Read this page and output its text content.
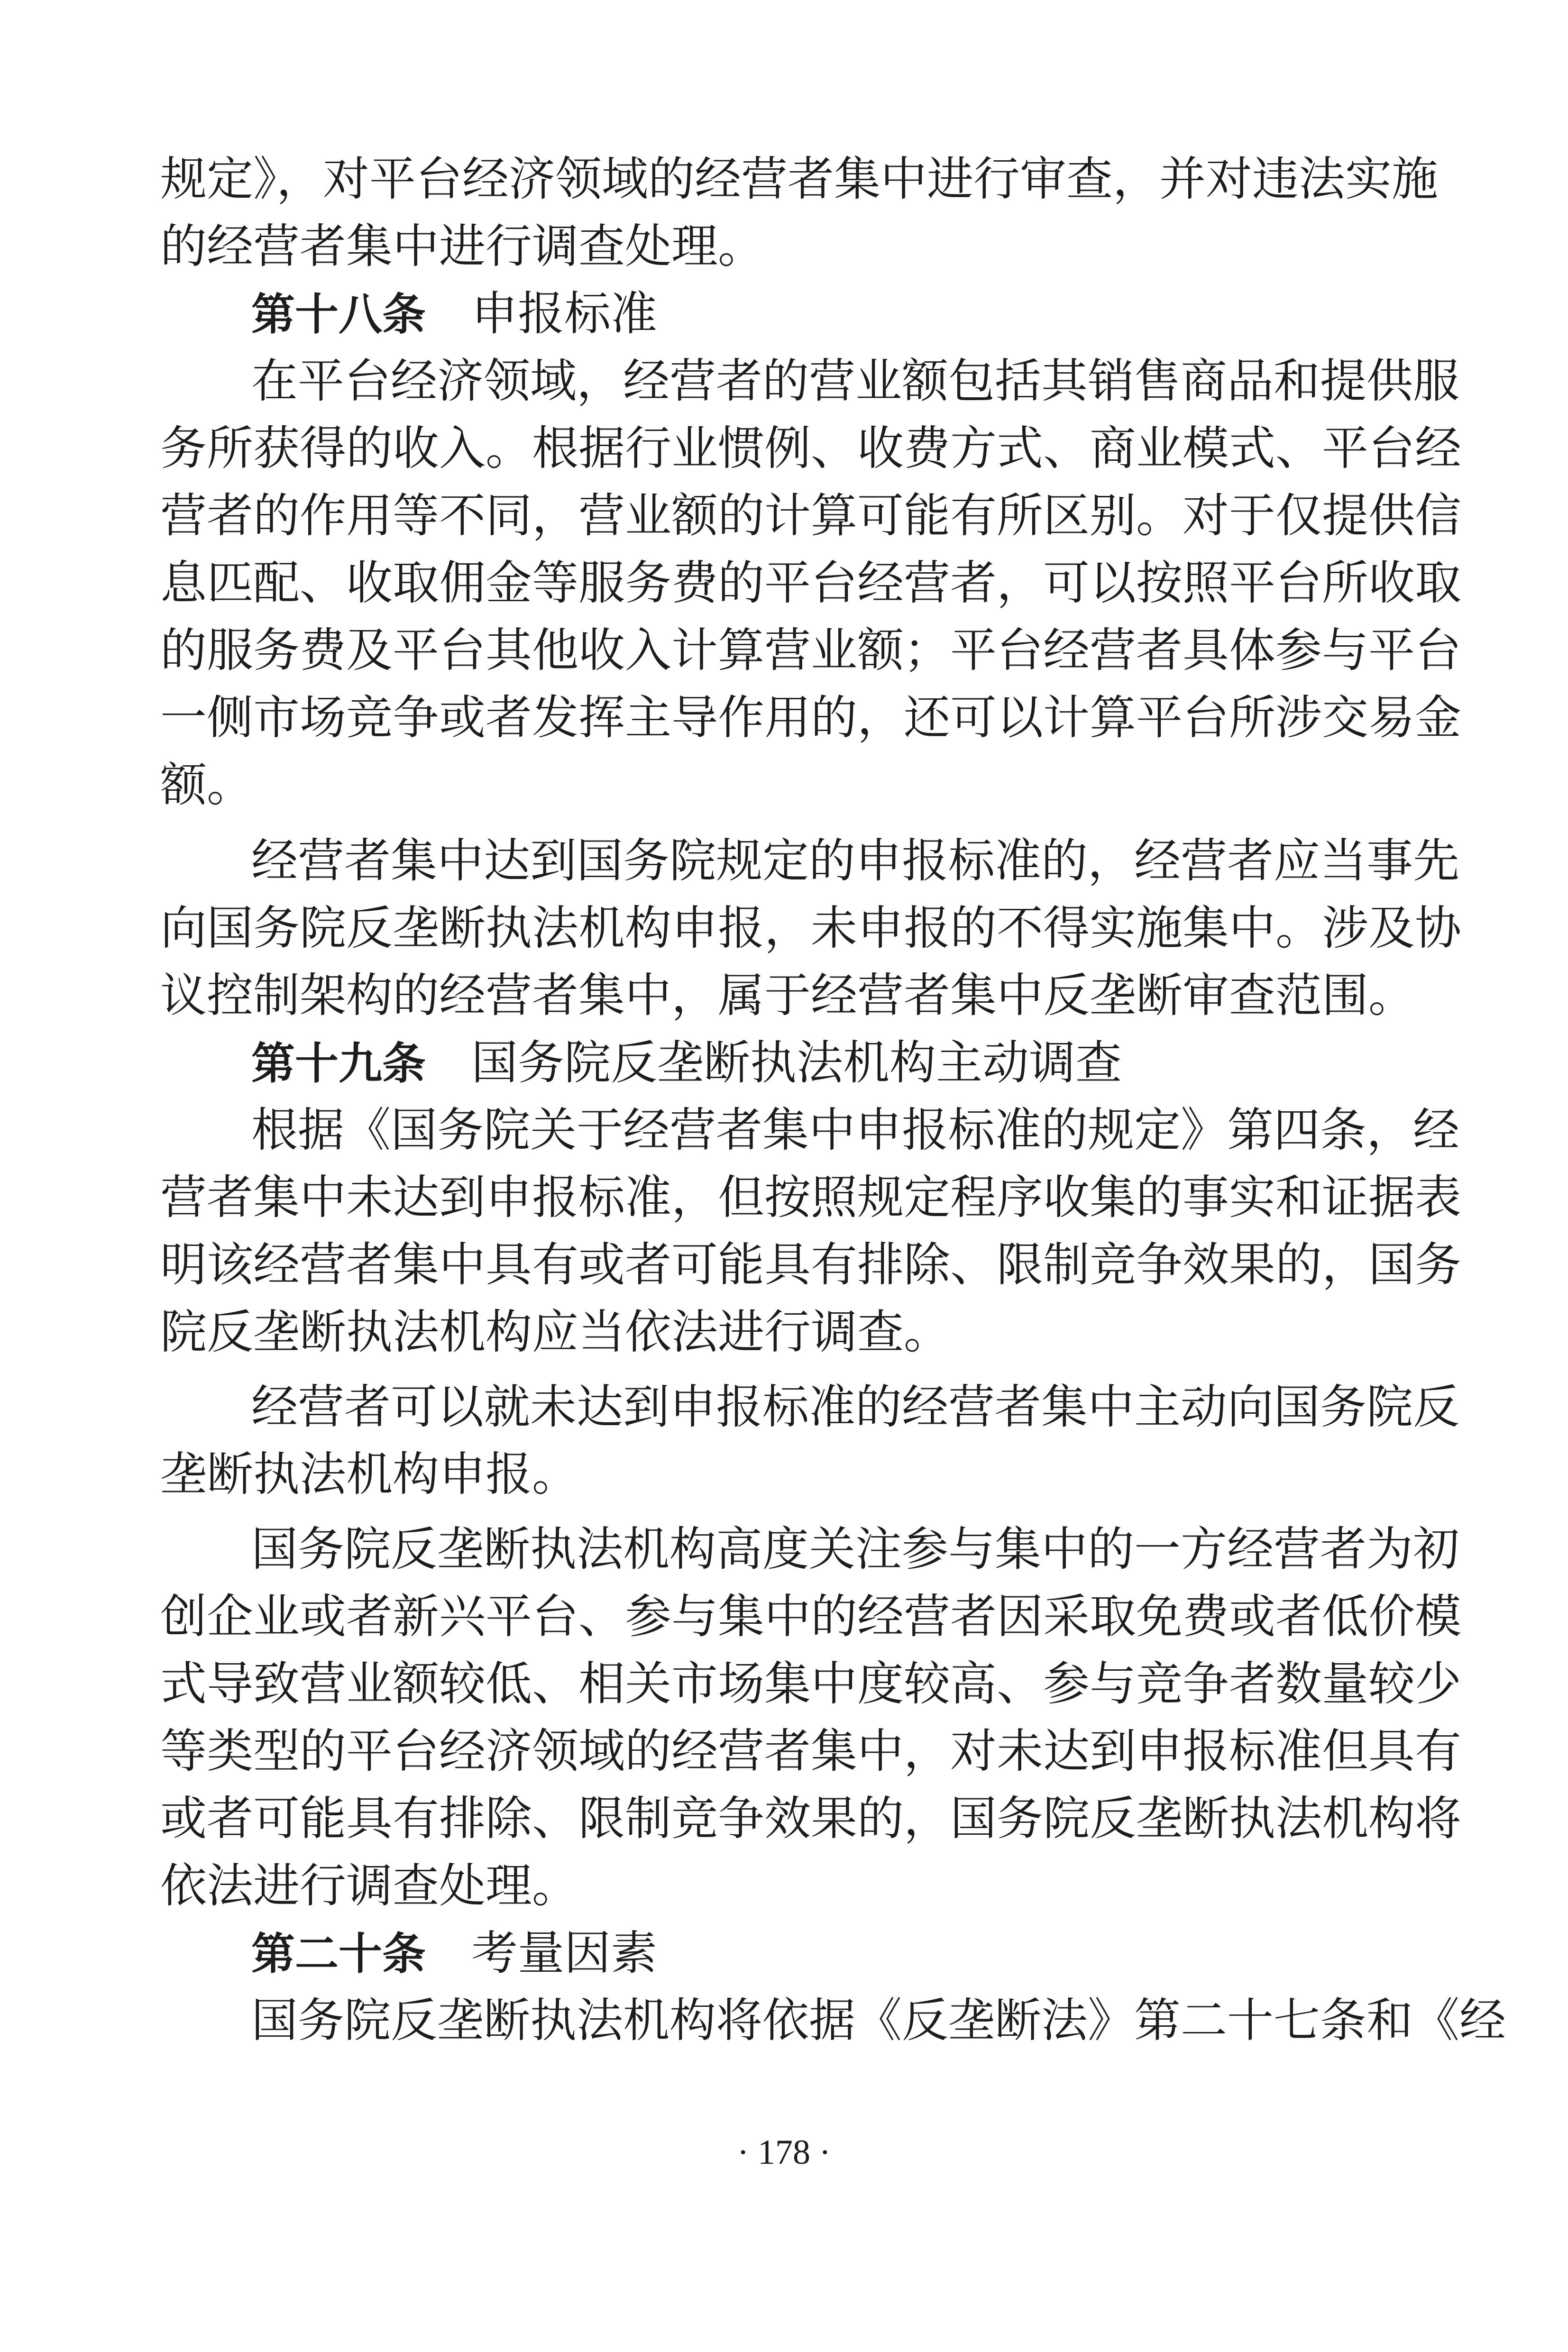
规定》，对平台经济领域的经营者集中进行审查，并对违法实施
的经营者集中进行调查处理。
第十八条 申报标准
在平台经济领域，经营者的营业额包括其销售商品和提供服
务所获得的收入。根据行业惯例、收费方式、商业模式、平台经
营者的作用等不同，营业额的计算可能有所区别。对于仅提供信
息匹配、收取佣金等服务费的平台经营者，可以按照平台所收取
的服务费及平台其他收入计算营业额；平台经营者具体参与平台
一侧市场竞争或者发挥主导作用的，还可以计算平台所涉交易金
额。
经营者集中达到国务院规定的申报标准的，经营者应当事先
向国务院反垄断执法机构申报，未申报的不得实施集中。涉及协
议控制架构的经营者集中，属于经营者集中反垄断审查范围。
第十九条 国务院反垄断执法机构主动调查
根据《国务院关于经营者集中申报标准的规定》第四条，经
营者集中未达到申报标准，但按照规定程序收集的事实和证据表
明该经营者集中具有或者可能具有排除、限制竞争效果的，国务
院反垄断执法机构应当依法进行调查。
经营者可以就未达到申报标准的经营者集中主动向国务院反
垄断执法机构申报。
国务院反垄断执法机构高度关注参与集中的一方经营者为初
创企业或者新兴平台、参与集中的经营者因采取免费或者低价模
式导致营业额较低、相关市场集中度较高、参与竞争者数量较少
等类型的平台经济领域的经营者集中，对未达到申报标准但具有
或者可能具有排除、限制竞争效果的，国务院反垄断执法机构将
依法进行调查处理。
第二十条 考量因素
国务院反垄断执法机构将依据《反垄断法》第二十七条和《经
· 178 ·
